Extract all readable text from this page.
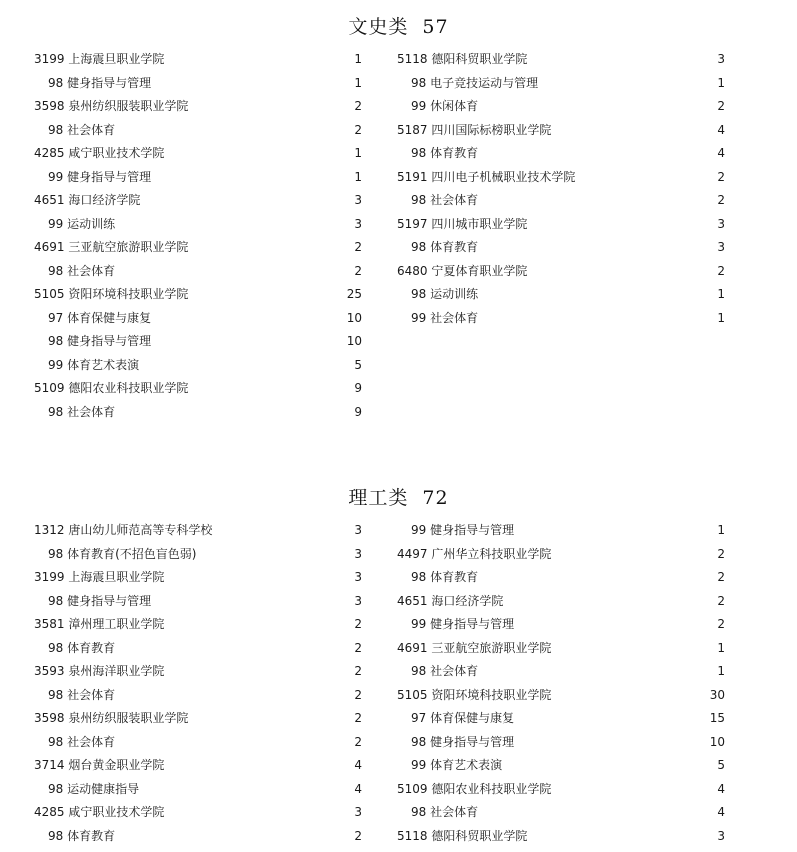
文史类 57
3199 上海震旦职业学院	1
98 健身指导与管理	1
3598 泉州纺织服装职业学院	2
98 社会体育	2
4285 咸宁职业技术学院	1
99 健身指导与管理	1
4651 海口经济学院	3
99 运动训练	3
4691 三亚航空旅游职业学院	2
98 社会体育	2
5105 资阳环境科技职业学院	25
97 体育保健与康复	10
98 健身指导与管理	10
99 体育艺术表演	5
5109 德阳农业科技职业学院	9
98 社会体育	9
5118 德阳科贸职业学院	3
98 电子竞技运动与管理	1
99 休闲体育	2
5187 四川国际标榜职业学院	4
98 体育教育	4
5191 四川电子机械职业技术学院	2
98 社会体育	2
5197 四川城市职业学院	3
98 体育教育	3
6480 宁夏体育职业学院	2
98 运动训练	1
99 社会体育	1
理工类 72
1312 唐山幼儿师范高等专科学校	3
98 体育教育(不招色盲色弱)	3
3199 上海震旦职业学院	3
98 健身指导与管理	3
3581 漳州理工职业学院	2
98 体育教育	2
3593 泉州海洋职业学院	2
98 社会体育	2
3598 泉州纺织服装职业学院	2
98 社会体育	2
3714 烟台黄金职业学院	4
98 运动健康指导	4
4285 咸宁职业技术学院	3
98 体育教育	2
99 健身指导与管理	1
4497 广州华立科技职业学院	2
98 体育教育	2
4651 海口经济学院	2
99 健身指导与管理	2
4691 三亚航空旅游职业学院	1
98 社会体育	1
5105 资阳环境科技职业学院	30
97 体育保健与康复	15
98 健身指导与管理	10
99 体育艺术表演	5
5109 德阳农业科技职业学院	4
98 社会体育	4
5118 德阳科贸职业学院	3
